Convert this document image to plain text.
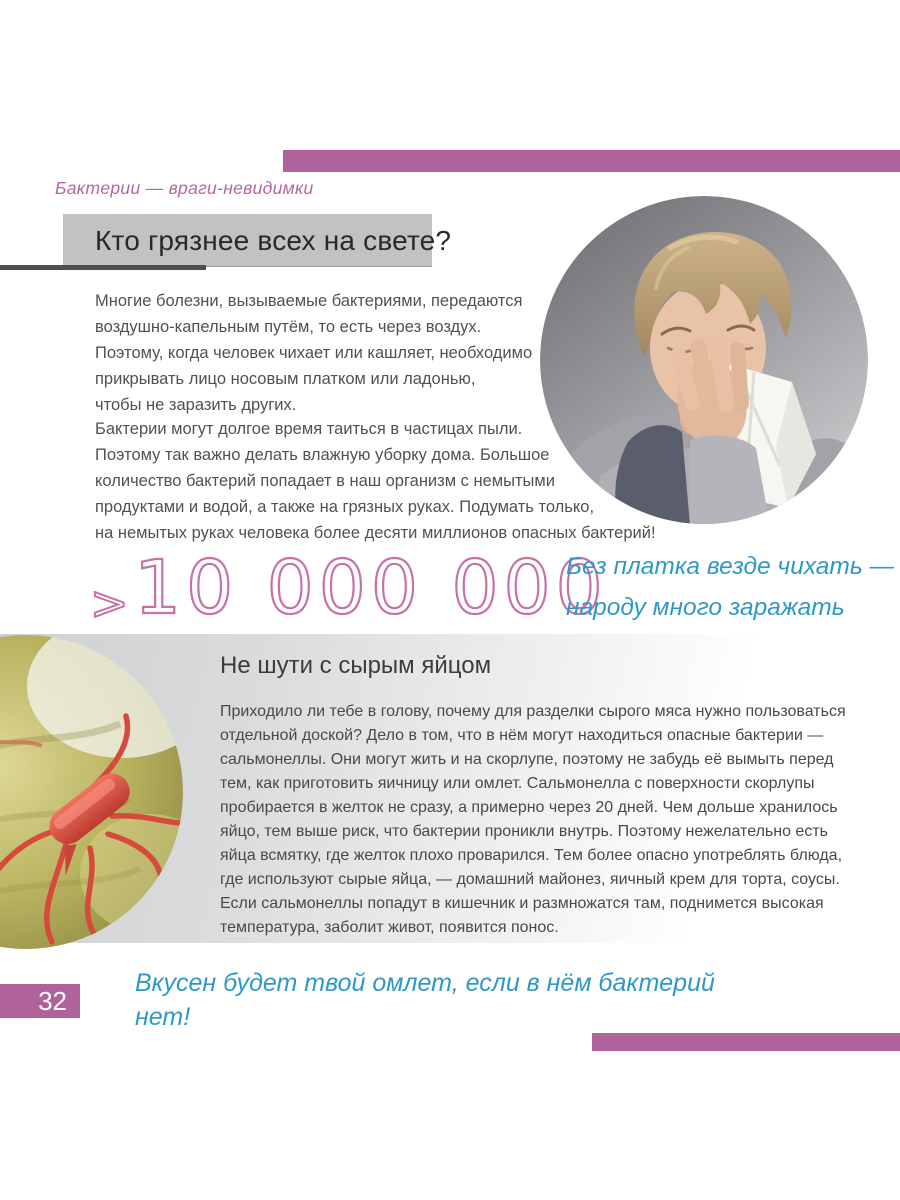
Бактерии — враги-невидимки
Кто грязнее всех на свете?
Многие болезни, вызываемые бактериями, передаются
воздушно-капельным путём, то есть через воздух.
Поэтому, когда человек чихает или кашляет, необходимо
прикрывать лицо носовым платком или ладонью,
чтобы не заразить других.
Бактерии могут долгое время таиться в частицах пыли.
Поэтому так важно делать влажную уборку дома. Большое
количество бактерий попадает в наш организм с немытыми
продуктами и водой, а также на грязных руках. Подумать только,
на немытых руках человека более десяти миллионов опасных бактерий!
> 10 000 000
Без платка везде чихать —
народу много заражать
Не шути с сырым яйцом
Приходило ли тебе в голову, почему для разделки сырого мяса нужно пользоваться
отдельной доской? Дело в том, что в нём могут находиться опасные бактерии —
сальмонеллы. Они могут жить и на скорлупе, поэтому не забудь её вымыть перед
тем, как приготовить яичницу или омлет. Сальмонелла с поверхности скорлупы
пробирается в желток не сразу, а примерно через 20 дней. Чем дольше хранилось
яйцо, тем выше риск, что бактерии проникли внутрь. Поэтому нежелательно есть
яйца всмятку, где желток плохо проварился. Тем более опасно употреблять блюда,
где используют сырые яйца, — домашний майонез, яичный крем для торта, соусы.
Если сальмонеллы попадут в кишечник и размножатся там, поднимется высокая
температура, заболит живот, появится понос.
Вкусен будет твой омлет, если в нём бактерий нет!
32
